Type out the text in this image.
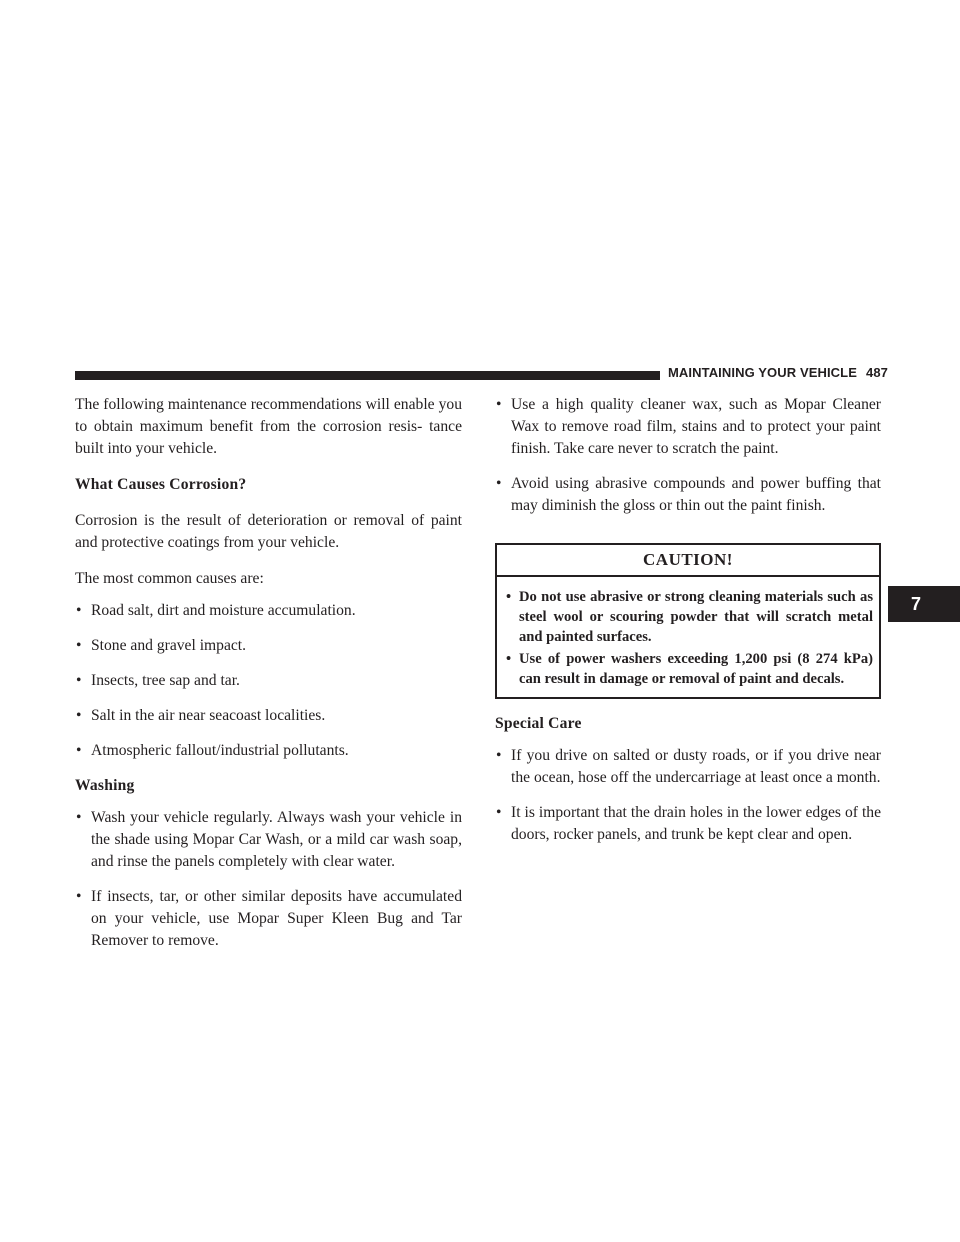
MAINTAINING YOUR VEHICLE 487
7

The following maintenance recommendations will enable you to obtain maximum benefit from the corrosion resis- tance built into your vehicle.

What Causes Corrosion?

Corrosion is the result of deterioration or removal of paint and protective coatings from your vehicle.

The most common causes are:

• Road salt, dirt and moisture accumulation.
• Stone and gravel impact.
• Insects, tree sap and tar.
• Salt in the air near seacoast localities.
• Atmospheric fallout/industrial pollutants.
Washing
• Wash your vehicle regularly. Always wash your vehicle in the shade using Mopar Car Wash, or a mild car wash soap, and rinse the panels completely with clear water.
• If insects, tar, or other similar deposits have accumulated on your vehicle, use Mopar Super Kleen Bug and Tar Remover to remove.
• Use a high quality cleaner wax, such as Mopar Cleaner Wax to remove road film, stains and to protect your paint finish. Take care never to scratch the paint.
• Avoid using abrasive compounds and power buffing that may diminish the gloss or thin out the paint finish.
CAUTION!
• Do not use abrasive or strong cleaning materials such as steel wool or scouring powder that will scratch metal and painted surfaces.
• Use of power washers exceeding 1,200 psi (8 274 kPa) can result in damage or removal of paint and decals.
Special Care
• If you drive on salted or dusty roads, or if you drive near the ocean, hose off the undercarriage at least once a month.
• It is important that the drain holes in the lower edges of the doors, rocker panels, and trunk be kept clear and open.
